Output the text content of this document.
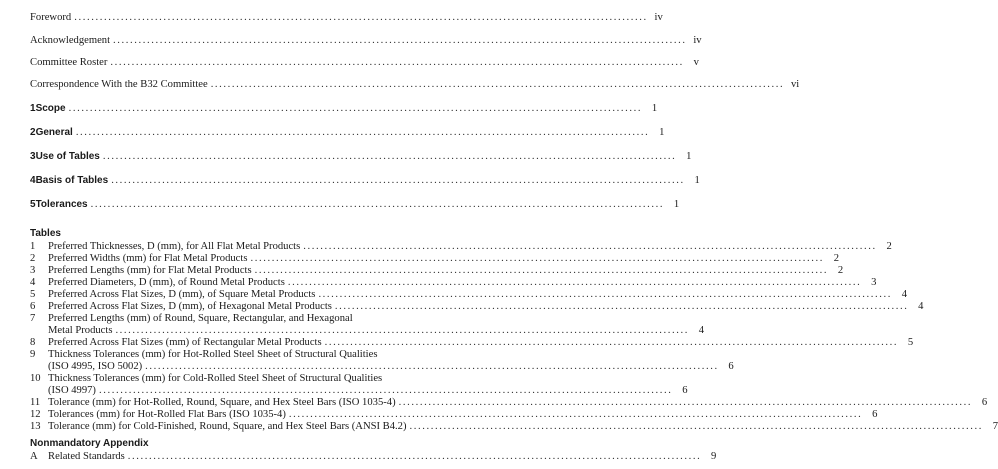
Foreword ....................................................................................................................................... iv
Acknowledgement ....................................................................................................................................... iv
Committee Roster ....................................................................................................................................... v
Correspondence With the B32 Committee ....................................................................................................................................... vi
1 Scope ....................................................................................................................................... 1
2 General ....................................................................................................................................... 1
3 Use of Tables ....................................................................................................................................... 1
4 Basis of Tables ....................................................................................................................................... 1
5 Tolerances ....................................................................................................................................... 1
Tables
1	Preferred Thicknesses, D (mm), for All Flat Metal Products ....................................................................................................................................... 2
2	Preferred Widths (mm) for Flat Metal Products ....................................................................................................................................... 2
3	Preferred Lengths (mm) for Flat Metal Products ....................................................................................................................................... 2
4	Preferred Diameters, D (mm), of Round Metal Products ....................................................................................................................................... 3
5	Preferred Across Flat Sizes, D (mm), of Square Metal Products ....................................................................................................................................... 4
6	Preferred Across Flat Sizes, D (mm), of Hexagonal Metal Products ....................................................................................................................................... 4
7	Preferred Lengths (mm) of Round, Square, Rectangular, and Hexagonal
Metal Products ....................................................................................................................................... 4
8	Preferred Across Flat Sizes (mm) of Rectangular Metal Products ....................................................................................................................................... 5
9	Thickness Tolerances (mm) for Hot-Rolled Steel Sheet of Structural Qualities
(ISO 4995, ISO 5002) ....................................................................................................................................... 6
10 Thickness Tolerances (mm) for Cold-Rolled Steel Sheet of Structural Qualities
(ISO 4997) ....................................................................................................................................... 6
11 Tolerance (mm) for Hot-Rolled, Round, Square, and Hex Steel Bars (ISO 1035-4) ....................................................................................................................................... 6
12 Tolerances (mm) for Hot-Rolled Flat Bars (ISO 1035-4) ....................................................................................................................................... 6
13 Tolerance (mm) for Cold-Finished, Round, Square, and Hex Steel Bars (ANSI B4.2) ....................................................................................................................................... 7
Nonmandatory Appendix
A Related Standards ....................................................................................................................................... 9
